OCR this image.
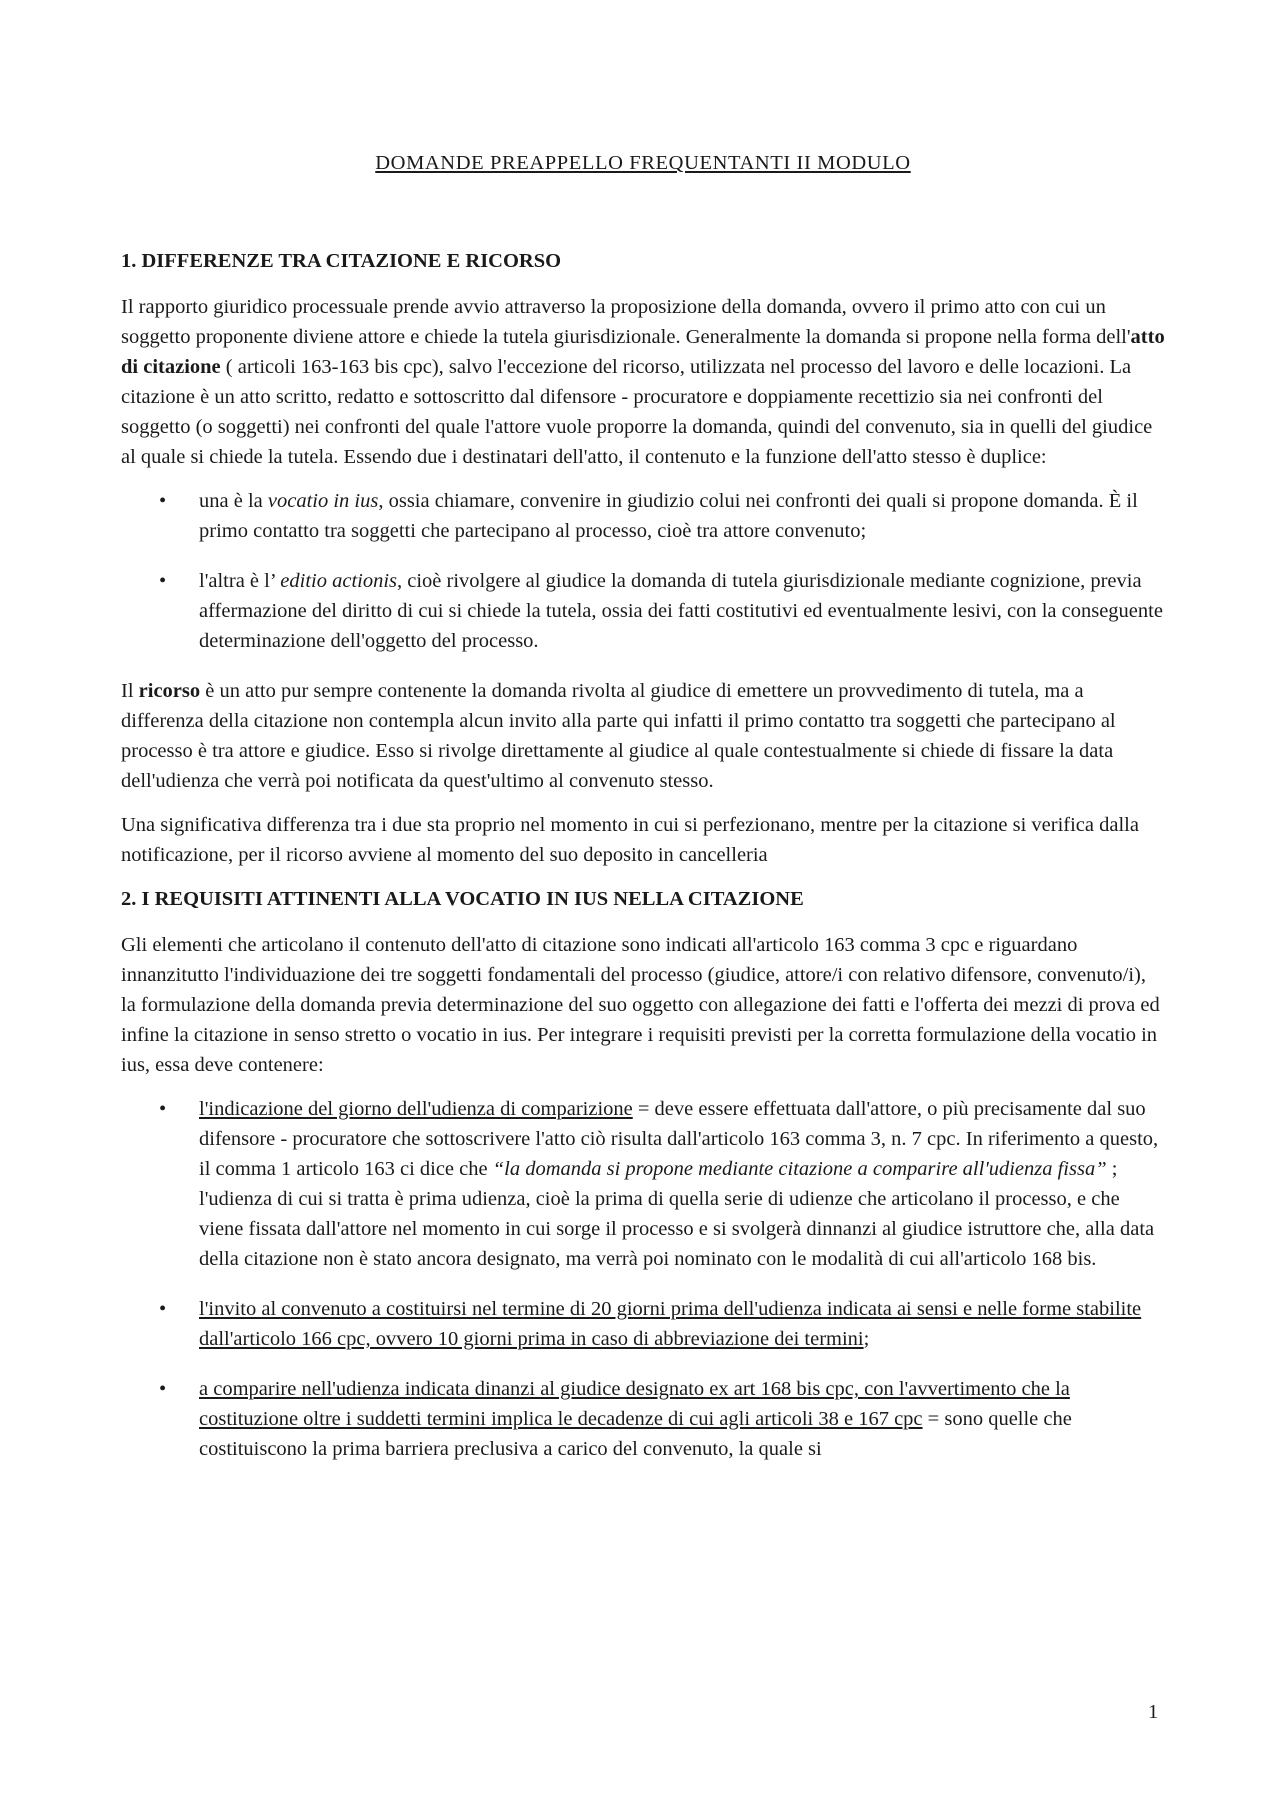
DOMANDE PREAPPELLO FREQUENTANTI II MODULO
1. DIFFERENZE TRA CITAZIONE E RICORSO

Il rapporto giuridico processuale prende avvio attraverso la proposizione della domanda, ovvero il primo atto con cui un soggetto proponente diviene attore e chiede la tutela giurisdizionale. Generalmente la domanda si propone nella forma dell'atto di citazione ( articoli 163-163 bis cpc), salvo l'eccezione del ricorso, utilizzata nel processo del lavoro e delle locazioni. La citazione è un atto scritto, redatto e sottoscritto dal difensore - procuratore e doppiamente recettizio sia nei confronti del soggetto (o soggetti) nei confronti del quale l'attore vuole proporre la domanda, quindi del convenuto, sia in quelli del giudice al quale si chiede la tutela. Essendo due i destinatari dell'atto, il contenuto e la funzione dell'atto stesso è duplice:

• una è la vocatio in ius, ossia chiamare, convenire in giudizio colui nei confronti dei quali si propone domanda. È il primo contatto tra soggetti che partecipano al processo, cioè tra attore convenuto;
• l'altra è l’ editio actionis, cioè rivolgere al giudice la domanda di tutela giurisdizionale mediante cognizione, previa affermazione del diritto di cui si chiede la tutela, ossia dei fatti costitutivi ed eventualmente lesivi, con la conseguente determinazione dell'oggetto del processo.

Il ricorso è un atto pur sempre contenente la domanda rivolta al giudice di emettere un provvedimento di tutela, ma a differenza della citazione non contempla alcun invito alla parte qui infatti il primo contatto tra soggetti che partecipano al processo è tra attore e giudice. Esso si rivolge direttamente al giudice al quale contestualmente si chiede di fissare la data dell'udienza che verrà poi notificata da quest'ultimo al convenuto stesso.

Una significativa differenza tra i due sta proprio nel momento in cui si perfezionano, mentre per la citazione si verifica dalla notificazione, per il ricorso avviene al momento del suo deposito in cancelleria

2. I REQUISITI ATTINENTI ALLA VOCATIO IN IUS NELLA CITAZIONE

Gli elementi che articolano il contenuto dell'atto di citazione sono indicati all'articolo 163 comma 3 cpc e riguardano innanzitutto l'individuazione dei tre soggetti fondamentali del processo (giudice, attore/i con relativo difensore, convenuto/i), la formulazione della domanda previa determinazione del suo oggetto con allegazione dei fatti e l'offerta dei mezzi di prova ed infine la citazione in senso stretto o vocatio in ius. Per integrare i requisiti previsti per la corretta formulazione della vocatio in ius, essa deve contenere:

• l'indicazione del giorno dell'udienza di comparizione = deve essere effettuata dall'attore, o più precisamente dal suo difensore - procuratore che sottoscrivere l'atto ciò risulta dall'articolo 163 comma 3, n. 7 cpc. In riferimento a questo, il comma 1 articolo 163 ci dice che “la domanda si propone mediante citazione a comparire all'udienza fissa” ; l'udienza di cui si tratta è prima udienza, cioè la prima di quella serie di udienze che articolano il processo, e che viene fissata dall'attore nel momento in cui sorge il processo e si svolgerà dinnanzi al giudice istruttore che, alla data della citazione non è stato ancora designato, ma verrà poi nominato con le modalità di cui all'articolo 168 bis.
• l'invito al convenuto a costituirsi nel termine di 20 giorni prima dell'udienza indicata ai sensi e nelle forme stabilite dall'articolo 166 cpc, ovvero 10 giorni prima in caso di abbreviazione dei termini;
• a comparire nell'udienza indicata dinanzi al giudice designato ex art 168 bis cpc, con l'avvertimento che la costituzione oltre i suddetti termini implica le decadenze di cui agli articoli 38 e 167 cpc = sono quelle che costituiscono la prima barriera preclusiva a carico del convenuto, la quale si
1
